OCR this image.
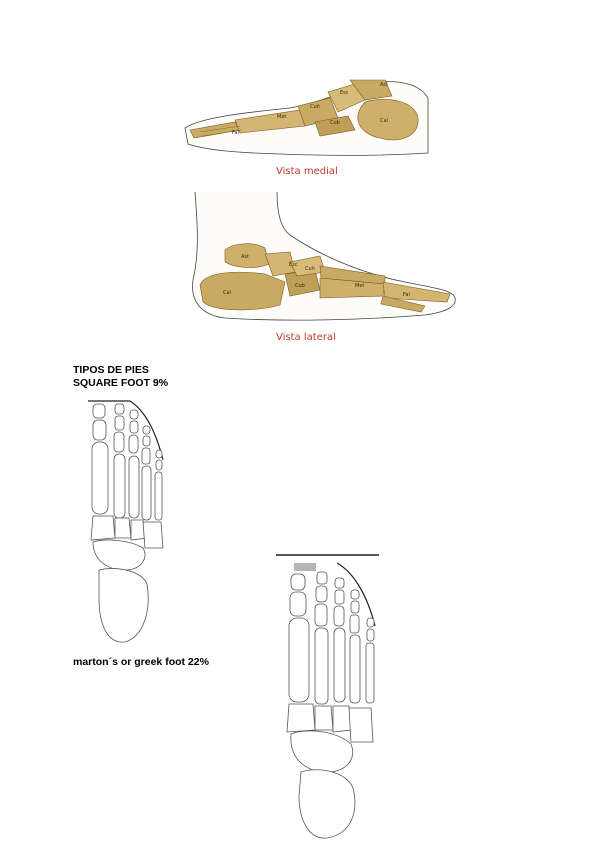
Ast
Esc
Cuñ
Met
Cub	Cal
Fal
Vista medial
Ast
Esc
Cuñ
Cub	Met
Cal	Fal
Vista lateral
TIPOS DE PIES
SQUARE FOOT 9%
marton´s or greek foot 22%
